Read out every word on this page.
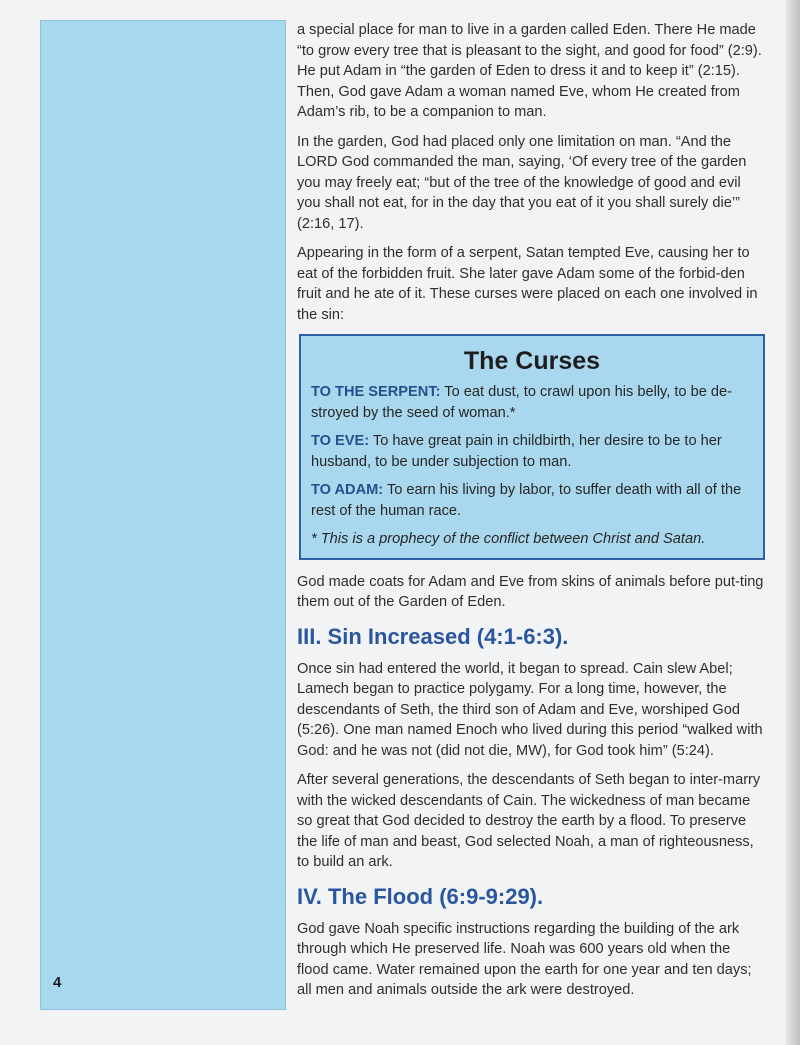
4

a special place for man to live in a garden called Eden. There He made “to grow every tree that is pleasant to the sight, and good for food” (2:9). He put Adam in “the garden of Eden to dress it and to keep it” (2:15). Then, God gave Adam a woman named Eve, whom He created from Adam’s rib, to be a companion to man.

In the garden, God had placed only one limitation on man. “And the LORD God commanded the man, saying, ‘Of every tree of the garden you may freely eat; “but of the tree of the knowledge of good and evil you shall not eat, for in the day that you eat of it you shall surely die’” (2:16, 17).

Appearing in the form of a serpent, Satan tempted Eve, causing her to eat of the forbidden fruit. She later gave Adam some of the forbid-den fruit and he ate of it. These curses were placed on each one involved in the sin:

The Curses

TO THE SERPENT: To eat dust, to crawl upon his belly, to be de-stroyed by the seed of woman.*

TO EVE: To have great pain in childbirth, her desire to be to her husband, to be under subjection to man.

TO ADAM: To earn his living by labor, to suffer death with all of the rest of the human race.

* This is a prophecy of the conflict between Christ and Satan.

God made coats for Adam and Eve from skins of animals before put-ting them out of the Garden of Eden.

III. Sin Increased (4:1-6:3).

Once sin had entered the world, it began to spread. Cain slew Abel; Lamech began to practice polygamy. For a long time, however, the descendants of Seth, the third son of Adam and Eve, worshiped God (5:26). One man named Enoch who lived during this period “walked with God: and he was not (did not die, MW), for God took him” (5:24).

After several generations, the descendants of Seth began to inter-marry with the wicked descendants of Cain. The wickedness of man became so great that God decided to destroy the earth by a flood. To preserve the life of man and beast, God selected Noah, a man of righteousness, to build an ark.

IV. The Flood (6:9-9:29).

God gave Noah specific instructions regarding the building of the ark through which He preserved life. Noah was 600 years old when the flood came. Water remained upon the earth for one year and ten days; all men and animals outside the ark were destroyed.
